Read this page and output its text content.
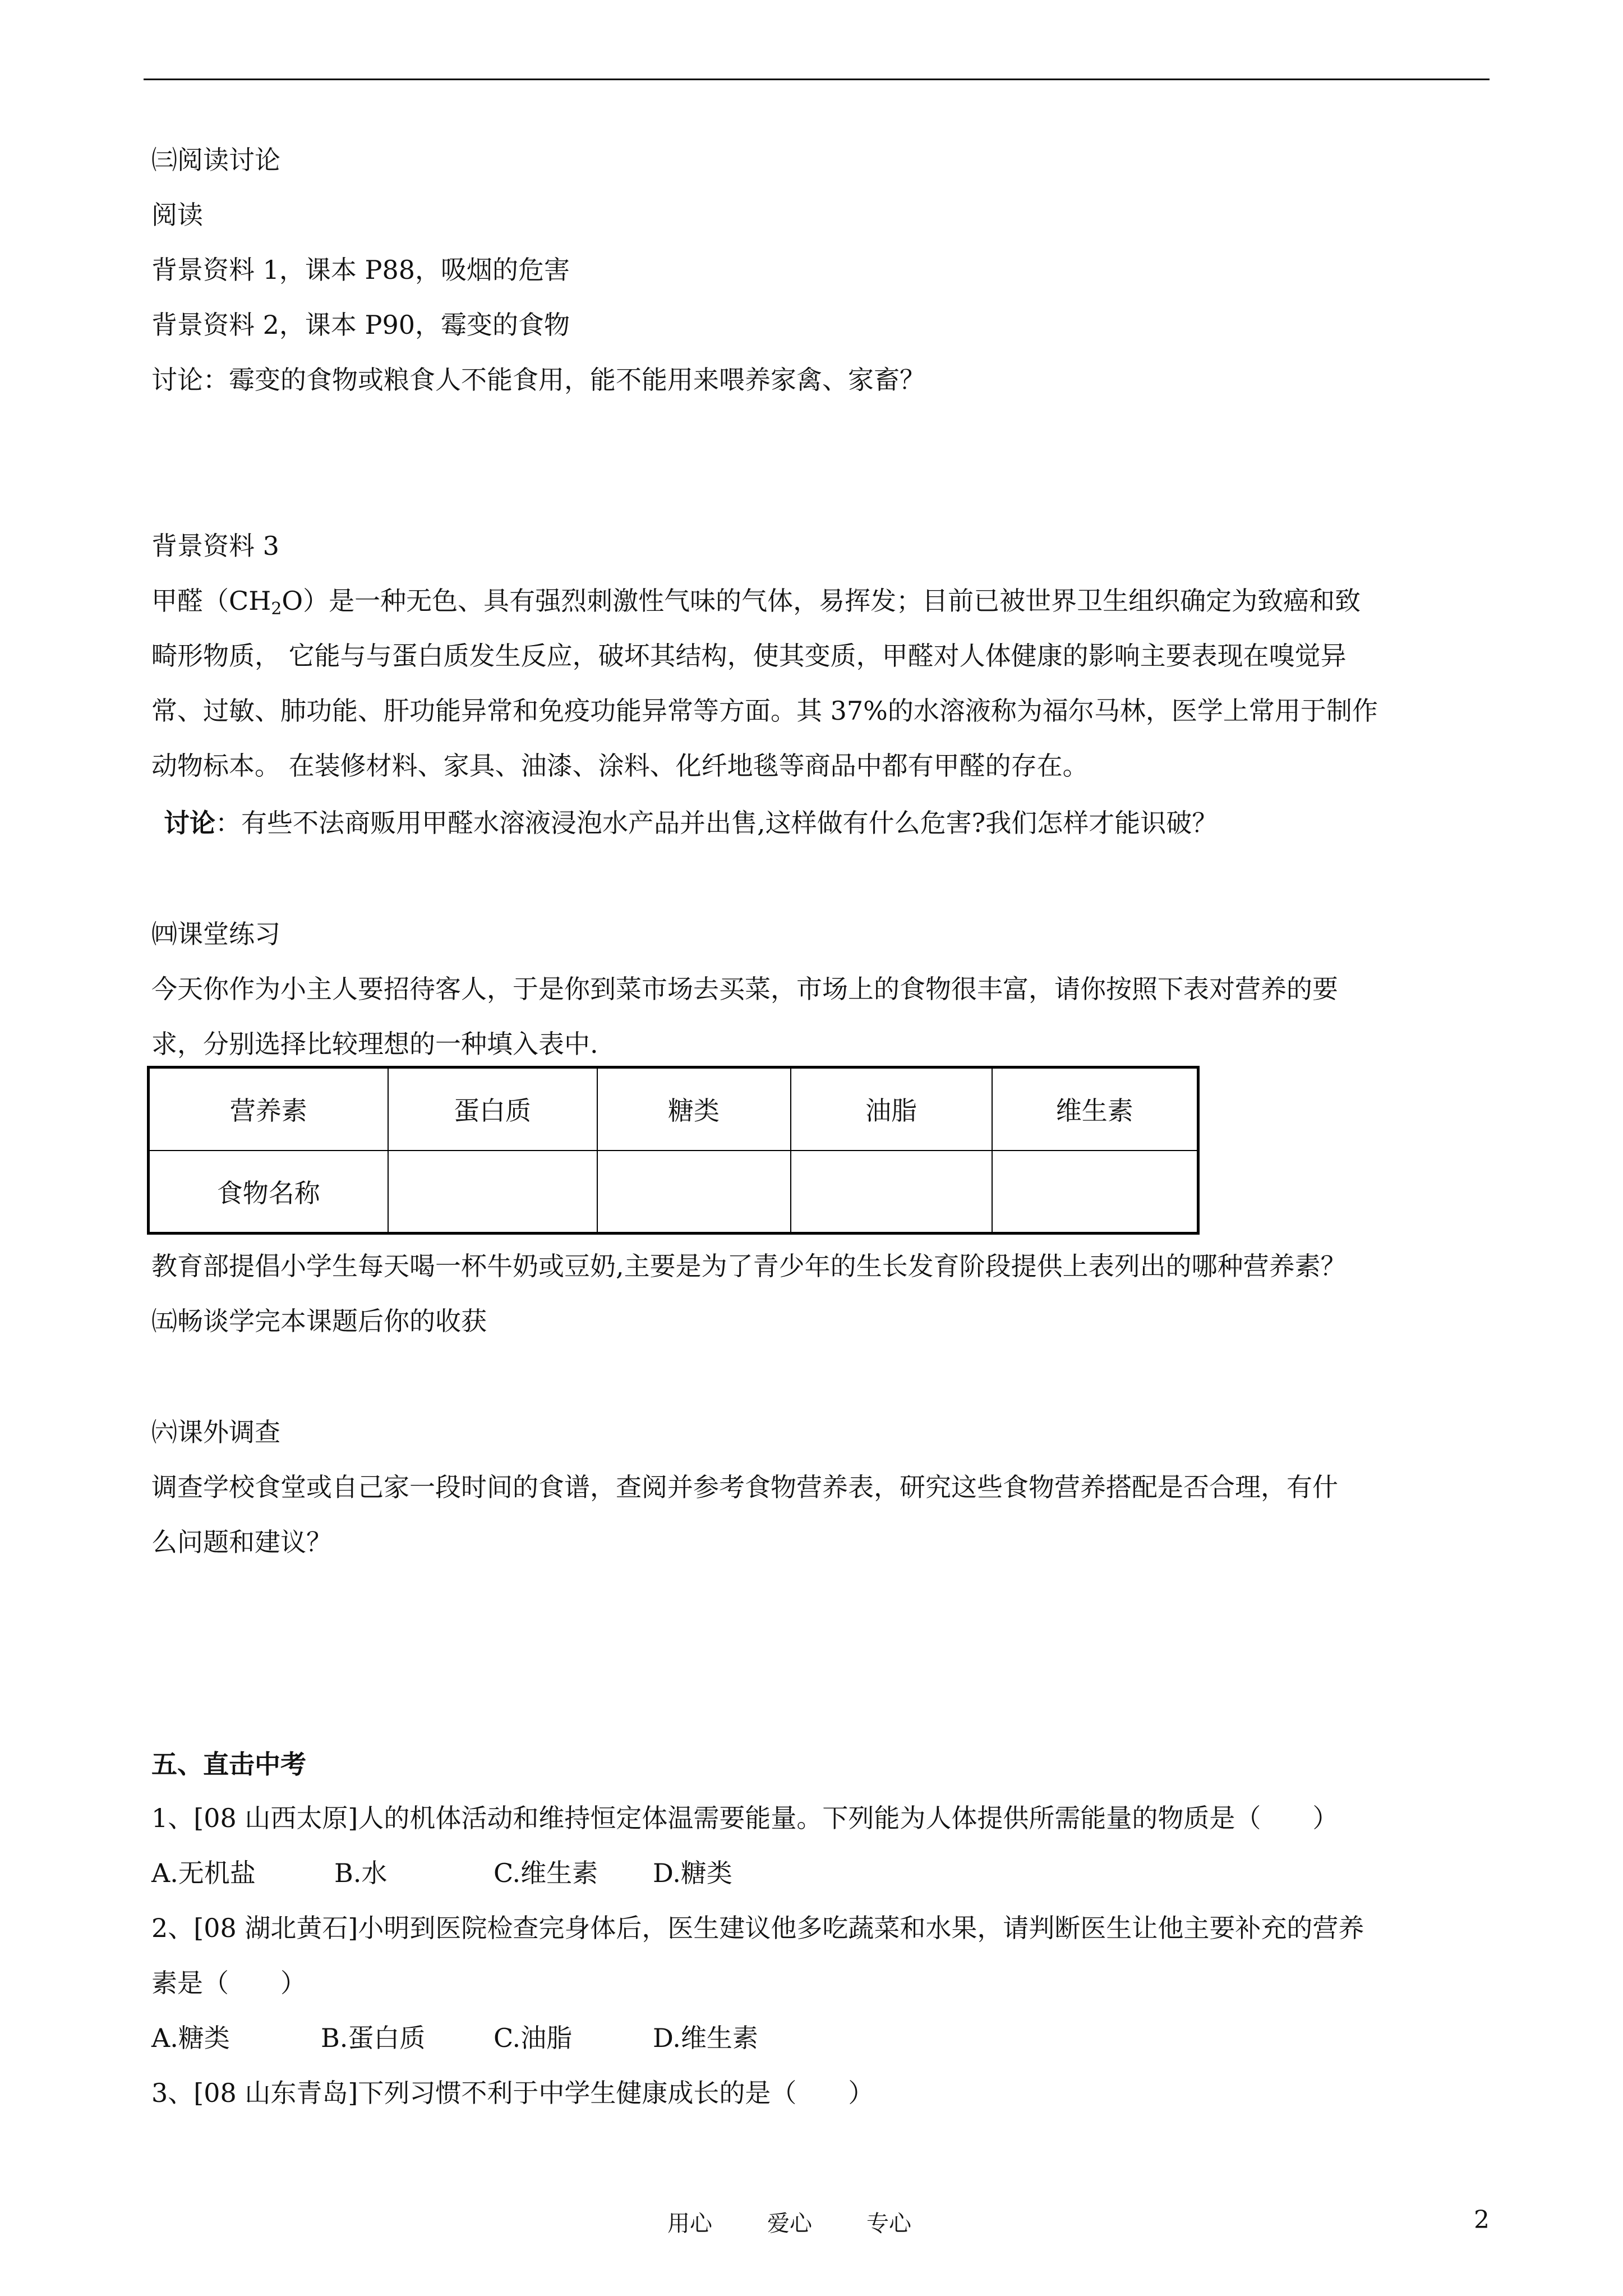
㈢阅读讨论
阅读
背景资料 1，课本 P88，吸烟的危害
背景资料 2，课本 P90，霉变的食物
讨论：霉变的食物或粮食人不能食用，能不能用来喂养家禽、家畜？
背景资料 3
甲醛$(CH_2O)$是一种无色、具有强烈刺激性气味的气体，易挥发；目前已被世界卫生组织确定为致癌和致
畸形物质， 它能与与蛋白质发生反应，破坏其结构，使其变质，甲醛对人体健康的影响主要表现在嗅觉异
常、过敏、肺功能、肝功能异常和免疫功能异常等方面。其 37%的水溶液称为福尔马林，医学上常用于制作
动物标本。 在装修材料、家具、油漆、涂料、化纤地毯等商品中都有甲醛的存在。
讨论：有些不法商贩用甲醛水溶液浸泡水产品并出售,这样做有什么危害?我们怎样才能识破？
㈣课堂练习
今天你作为小主人要招待客人，于是你到菜市场去买菜，市场上的食物很丰富，请你按照下表对营养的要
求，分别选择比较理想的一种填入表中.
营养素	蛋白质	糖类	油脂	维生素
食物名称				
教育部提倡小学生每天喝一杯牛奶或豆奶,主要是为了青少年的生长发育阶段提供上表列出的哪种营养素？
㈤畅谈学完本课题后你的收获
㈥课外调查
调查学校食堂或自己家一段时间的食谱，查阅并参考食物营养表，研究这些食物营养搭配是否合理，有什
么问题和建议？
五、直击中考
1、[08 山西太原]人的机体活动和维持恒定体温需要能量。下列能为人体提供所需能量的物质是（　　）
A.无机盐	B.水	C.维生素 D.糖类
2、[08 湖北黄石]小明到医院检查完身体后，医生建议他多吃蔬菜和水果，请判断医生让他主要补充的营养
素是（　　）
A.糖类	B.蛋白质	C.油脂	D.维生素
3、[08 山东青岛]下列习惯不利于中学生健康成长的是（　　）
用心 爱心 专心	2
